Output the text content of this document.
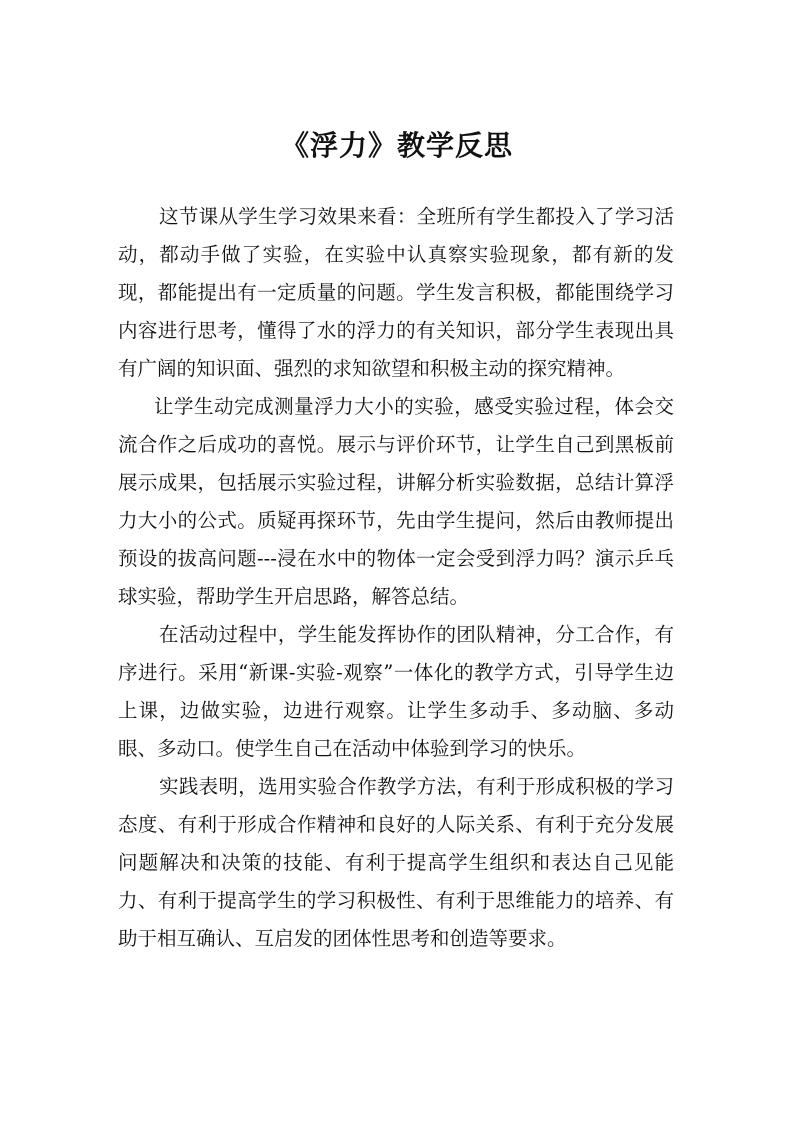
《浮力》教学反思

这节课从学生学习效果来看：全班所有学生都投入了学习活动，都动手做了实验，在实验中认真察实验现象，都有新的发现，都能提出有一定质量的问题。学生发言积极，都能围绕学习内容进行思考，懂得了水的浮力的有关知识，部分学生表现出具有广阔的知识面、强烈的求知欲望和积极主动的探究精神。

让学生动完成测量浮力大小的实验，感受实验过程，体会交流合作之后成功的喜悦。展示与评价环节，让学生自己到黑板前展示成果，包括展示实验过程，讲解分析实验数据，总结计算浮力大小的公式。质疑再探环节，先由学生提问，然后由教师提出预设的拔高问题---浸在水中的物体一定会受到浮力吗？演示乒乓球实验，帮助学生开启思路，解答总结。

在活动过程中，学生能发挥协作的团队精神，分工合作，有序进行。采用“新课-实验-观察”一体化的教学方式，引导学生边上课，边做实验，边进行观察。让学生多动手、多动脑、多动眼、多动口。使学生自己在活动中体验到学习的快乐。

实践表明，选用实验合作教学方法，有利于形成积极的学习态度、有利于形成合作精神和良好的人际关系、有利于充分发展问题解决和决策的技能、有利于提高学生组织和表达自己见能力、有利于提高学生的学习积极性、有利于思维能力的培养、有助于相互确认、互启发的团体性思考和创造等要求。
